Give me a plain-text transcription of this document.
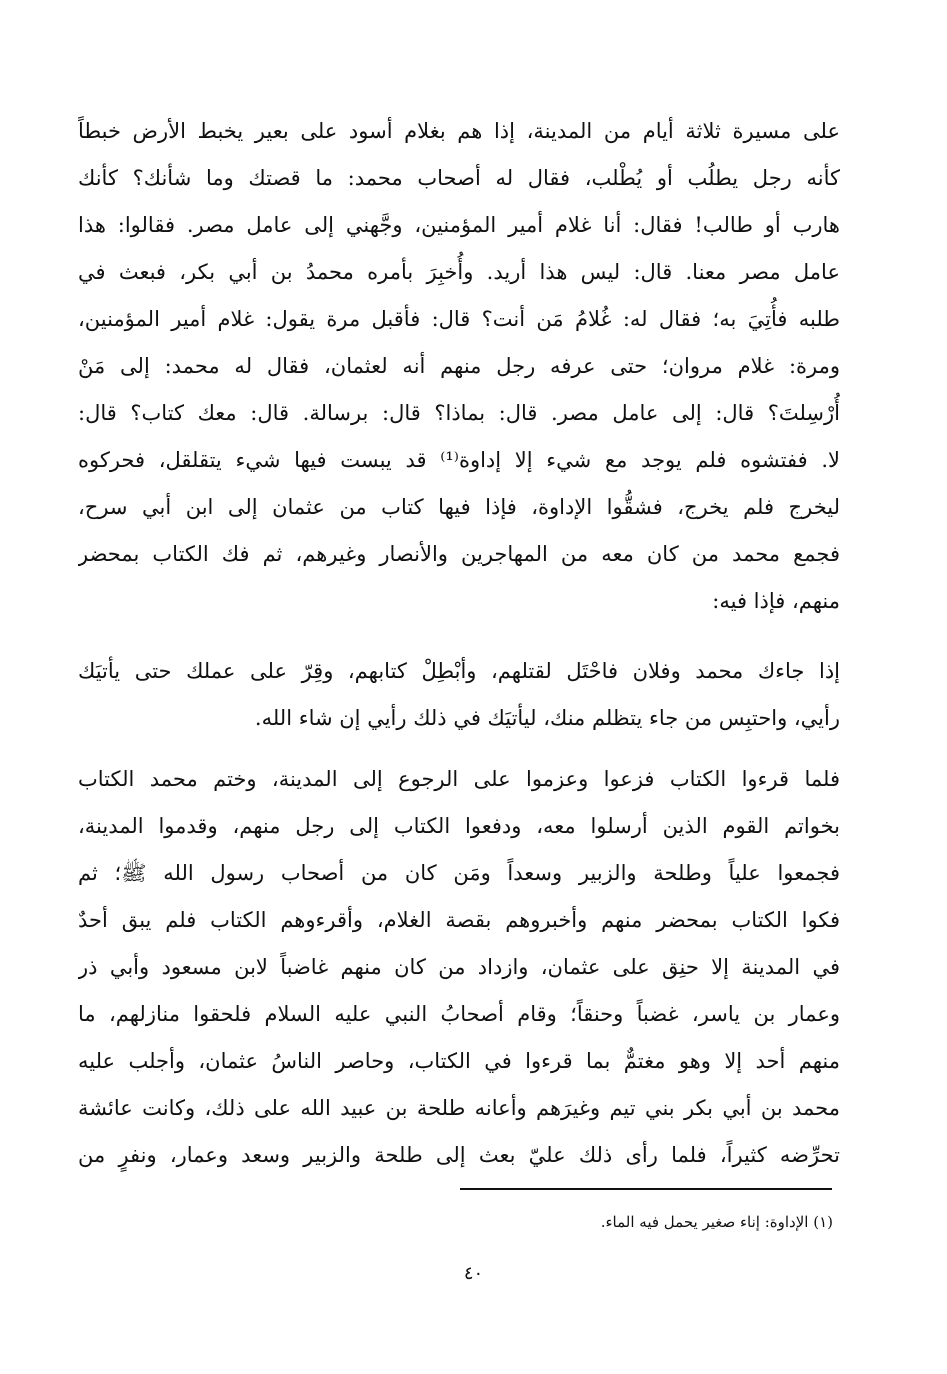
على مسيرة ثلاثة أيام من المدينة، إذا هم بغلام أسود على بعير يخبط الأرض خبطاً
كأنه رجل يطلُب أو يُطْلب، فقال له أصحاب محمد: ما قصتك وما شأنك؟ كأنك
هارب أو طالب! فقال: أنا غلام أمير المؤمنين، وجَّهني إلى عامل مصر. فقالوا: هذا
عامل مصر معنا. قال: ليس هذا أريد. وأُخبِرَ بأمره محمدُ بن أبي بكر، فبعث في
طلبه فأُتِيَ به؛ فقال له: غُلامُ مَن أنت؟ قال: فأقبل مرة يقول: غلام أمير المؤمنين،
ومرة: غلام مروان؛ حتى عرفه رجل منهم أنه لعثمان، فقال له محمد: إلى مَنْ
أُرْسِلتَ؟ قال: إلى عامل مصر. قال: بماذا؟ قال: برسالة. قال: معك كتاب؟ قال:
لا. ففتشوه فلم يوجد مع شيء إلا إداوة⁽¹⁾ قد يبست فيها شيء يتقلقل، فحركوه
ليخرج فلم يخرج، فشقُّوا الإداوة، فإذا فيها كتاب من عثمان إلى ابن أبي سرح،
فجمع محمد من كان معه من المهاجرين والأنصار وغيرهم، ثم فك الكتاب بمحضر
منهم، فإذا فيه:
إذا جاءك محمد وفلان فاحْتَل لقتلهم، وأبْطِلْ كتابهم، وقِرّ على عملك حتى يأتيَك
رأيي، واحتبِس من جاء يتظلم منك، ليأتيَك في ذلك رأيي إن شاء الله.
فلما قرءوا الكتاب فزعوا وعزموا على الرجوع إلى المدينة، وختم محمد الكتاب
بخواتم القوم الذين أرسلوا معه، ودفعوا الكتاب إلى رجل منهم، وقدموا المدينة،
فجمعوا علياً وطلحة والزبير وسعداً ومَن كان من أصحاب رسول الله ﷺ؛ ثم
فكوا الكتاب بمحضر منهم وأخبروهم بقصة الغلام، وأقرءوهم الكتاب فلم يبق أحدٌ
في المدينة إلا حنِق على عثمان، وازداد من كان منهم غاضباً لابن مسعود وأبي ذر
وعمار بن ياسر، غضباً وحنقاً؛ وقام أصحابُ النبي عليه السلام فلحقوا منازلهم، ما
منهم أحد إلا وهو مغتمٌّ بما قرءوا في الكتاب، وحاصر الناسُ عثمان، وأجلب عليه
محمد بن أبي بكر بني تيم وغيرَهم وأعانه طلحة بن عبيد الله على ذلك، وكانت عائشة
تحرِّضه كثيراً، فلما رأى ذلك عليّ بعث إلى طلحة والزبير وسعد وعمار، ونفرٍ من
(١) الإداوة: إناء صغير يحمل فيه الماء.
٤٠
